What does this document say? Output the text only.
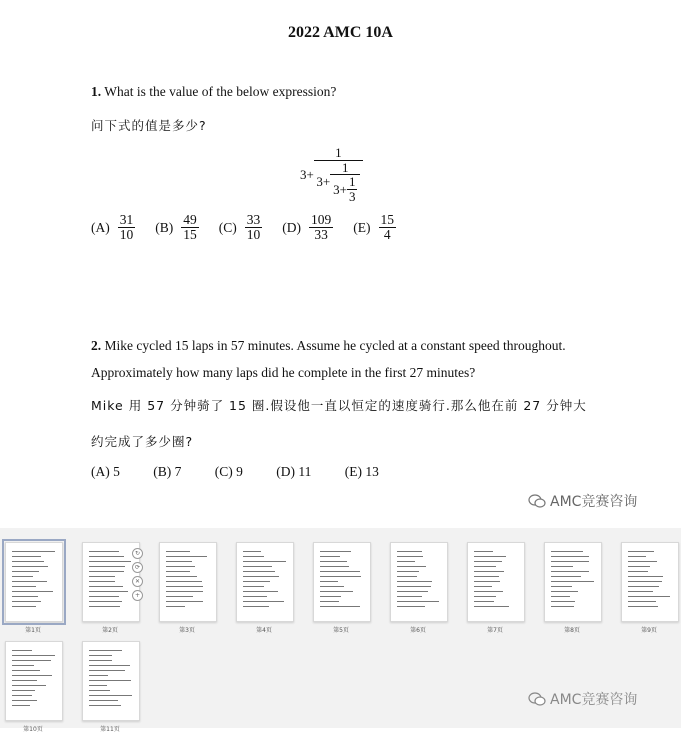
2022 AMC 10A
1. What is the value of the below expression?
问下式的值是多少?
3+
1
$3+ \frac{1}{3+ \frac{1}{3}}$
$(A) \frac{31}{10} (B) \frac{49}{15} (C) \frac{33}{10} (D) \frac{109}{33} (E) \frac{15}{4}$
2. Mike cycled 15 laps in 57 minutes. Assume he cycled at a constant speed throughout.
Approximately how many laps did he complete in the first 27 minutes?
Mike 用 57 分钟骑了 15 圈.假设他一直以恒定的速度骑行.那么他在前 27 分钟大
约完成了多少圈?
(A) 5 (B) 7 (C) 9 (D) 11 (E) 13
AMC竞赛咨询
第1页	第2页	第3页	第4页	第5页	第6页	第7页	第8页	第9页
第10页	第11页
↻
⟳
✕
+
AMC竞赛咨询
